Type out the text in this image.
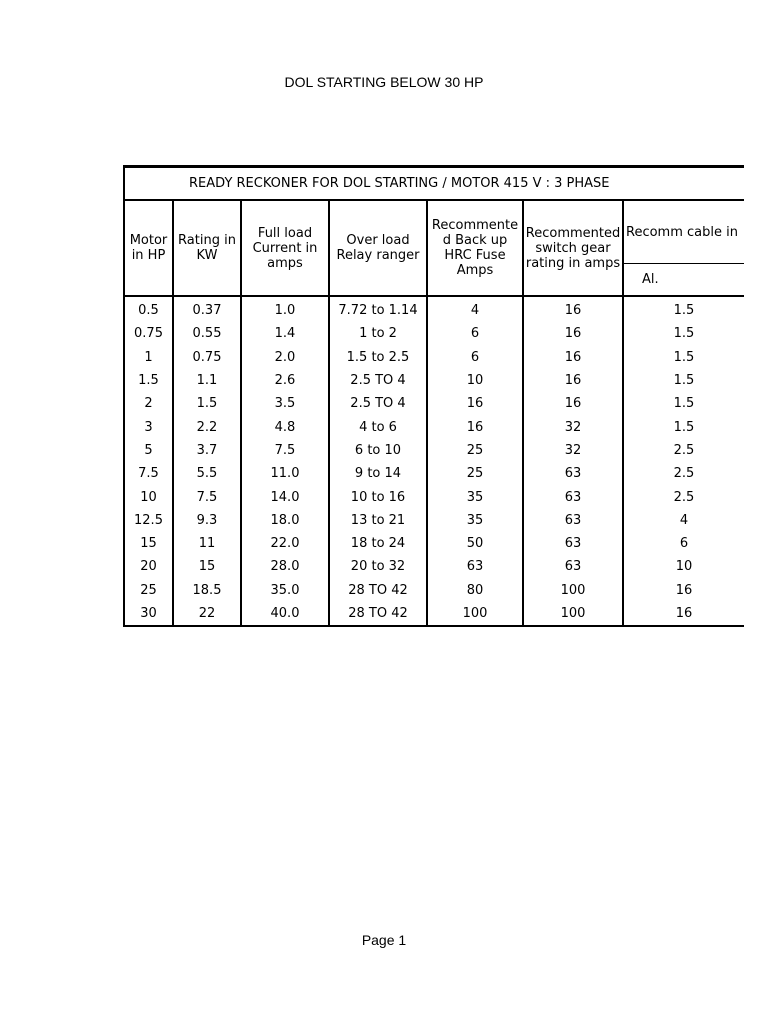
DOL STARTING BELOW 30 HP
READY RECKONER FOR DOL STARTING / MOTOR 415 V : 3 PHASE						
Motor in HP	Rating in KW	Full load Current in amps	Over load Relay ranger	Recommente d Back up HRC Fuse Amps	Recommented switch gear rating in amps	Recomm cable in
						Al.
0.5	0.37	1.0	7.72 to 1.14	4	16	1.5
0.75	0.55	1.4	1 to 2	6	16	1.5
1	0.75	2.0	1.5 to 2.5	6	16	1.5
1.5	1.1	2.6	2.5 TO 4	10	16	1.5
2	1.5	3.5	2.5 TO 4	16	16	1.5
3	2.2	4.8	4 to 6	16	32	1.5
5	3.7	7.5	6 to 10	25	32	2.5
7.5	5.5	11.0	9 to 14	25	63	2.5
10	7.5	14.0	10 to 16	35	63	2.5
12.5	9.3	18.0	13 to 21	35	63	4
15	11	22.0	18 to 24	50	63	6
20	15	28.0	20 to 32	63	63	10
25	18.5	35.0	28 TO 42	80	100	16
30	22	40.0	28 TO 42	100	100	16
Page 1
